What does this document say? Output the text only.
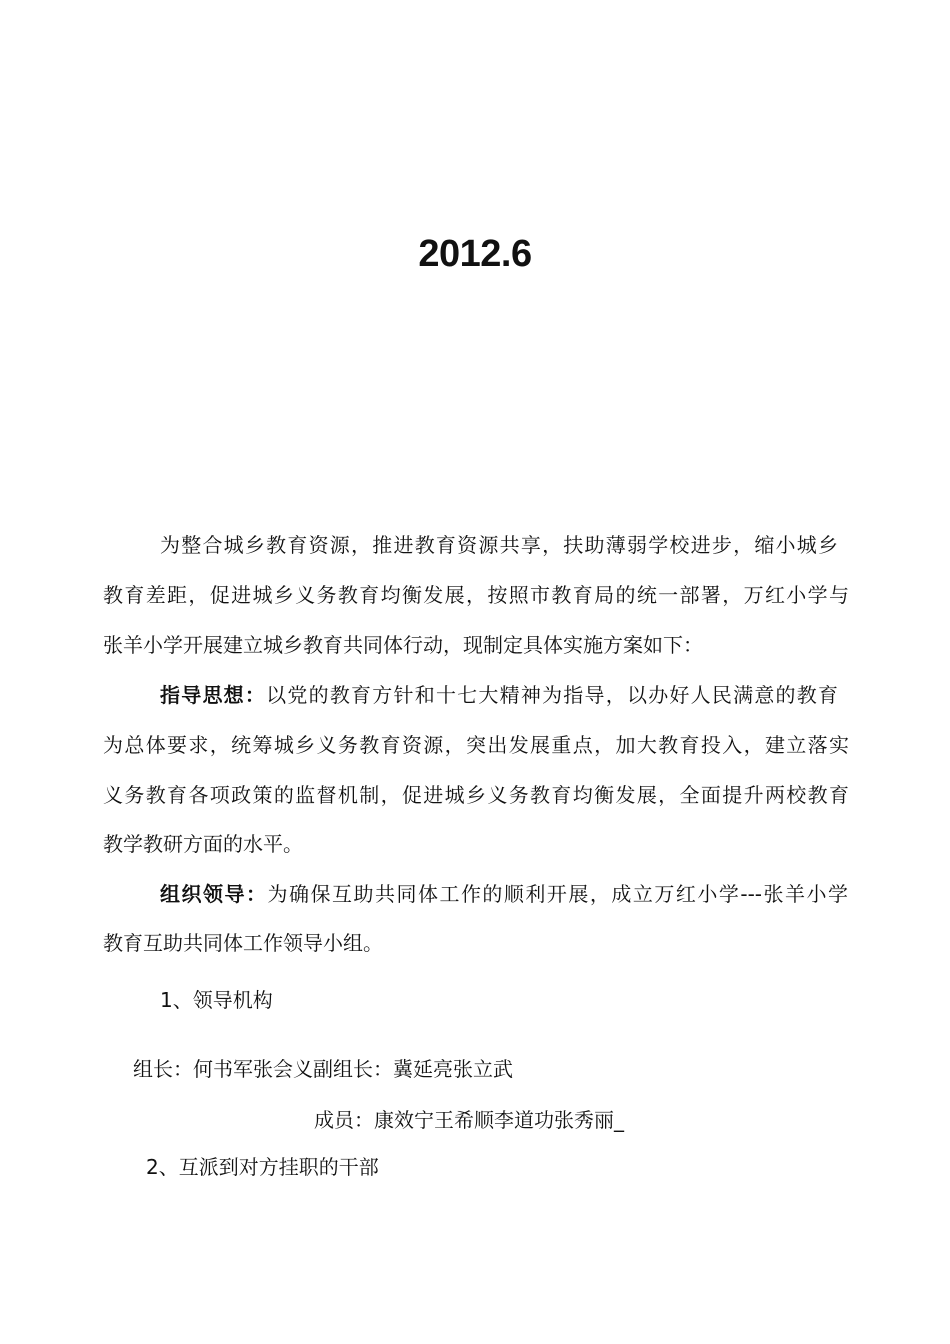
2012.6
为整合城乡教育资源，推进教育资源共享，扶助薄弱学校进步，缩小城乡
教育差距，促进城乡义务教育均衡发展，按照市教育局的统一部署，万红小学与
张羊小学开展建立城乡教育共同体行动，现制定具体实施方案如下：
指导思想：以党的教育方针和十七大精神为指导，以办好人民满意的教育
为总体要求，统筹城乡义务教育资源，突出发展重点，加大教育投入，建立落实
义务教育各项政策的监督机制，促进城乡义务教育均衡发展，全面提升两校教育
教学教研方面的水平。
组织领导：为确保互助共同体工作的顺利开展，成立万红小学---张羊小学
教育互助共同体工作领导小组。
1、领导机构
组长：何书军张会义副组长：冀延亮张立武
成员：康效宁王希顺李道功张秀丽_
2、互派到对方挂职的干部
